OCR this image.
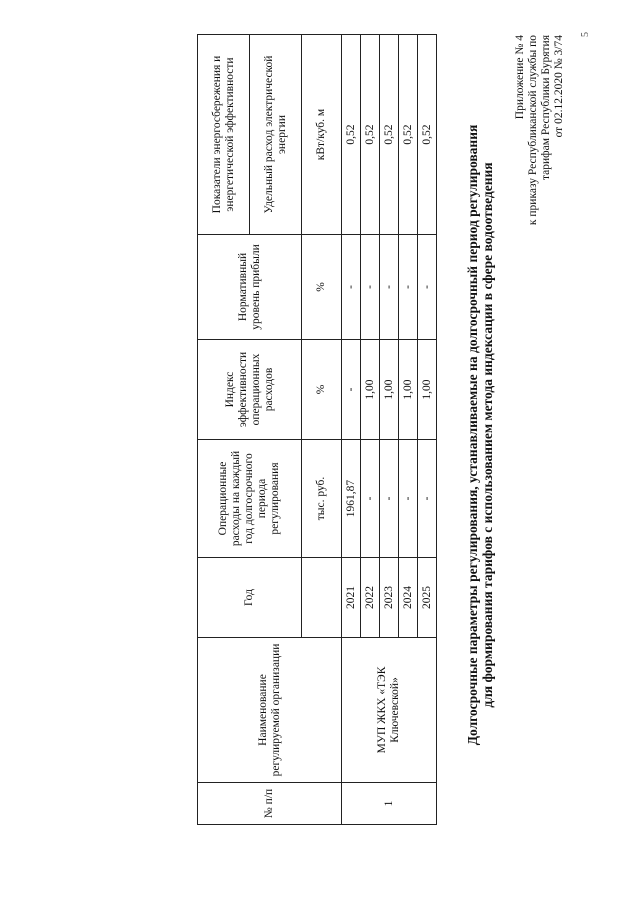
5
Приложение № 4 к приказу Республиканской службы по тарифам Республики Бурятия от 02.12.2020 № 3/74
Долгосрочные параметры регулирования, устанавливаемые на долгосрочный период регулирования для формирования тарифов с использованием метода индексации в сфере водоотведения
№ п/п	Наименование регулируемой организации	Год	Операционные расходы на каждый год долгосрочного периода регулирования	Индекс эффективности операционных расходов	Нормативный уровень прибыли	Показатели энергосбережения и энергетической эффективности
						Удельный расход электрической энергии
			тыс. руб.	%	%	кВт/куб. м
1	МУП ЖКХ «ТЭК Ключевской»	2021	1961,87	-	-	0,52
		2022	-	1,00	-	0,52
		2023	-	1,00	-	0,52
		2024	-	1,00	-	0,52
		2025	-	1,00	-	0,52
